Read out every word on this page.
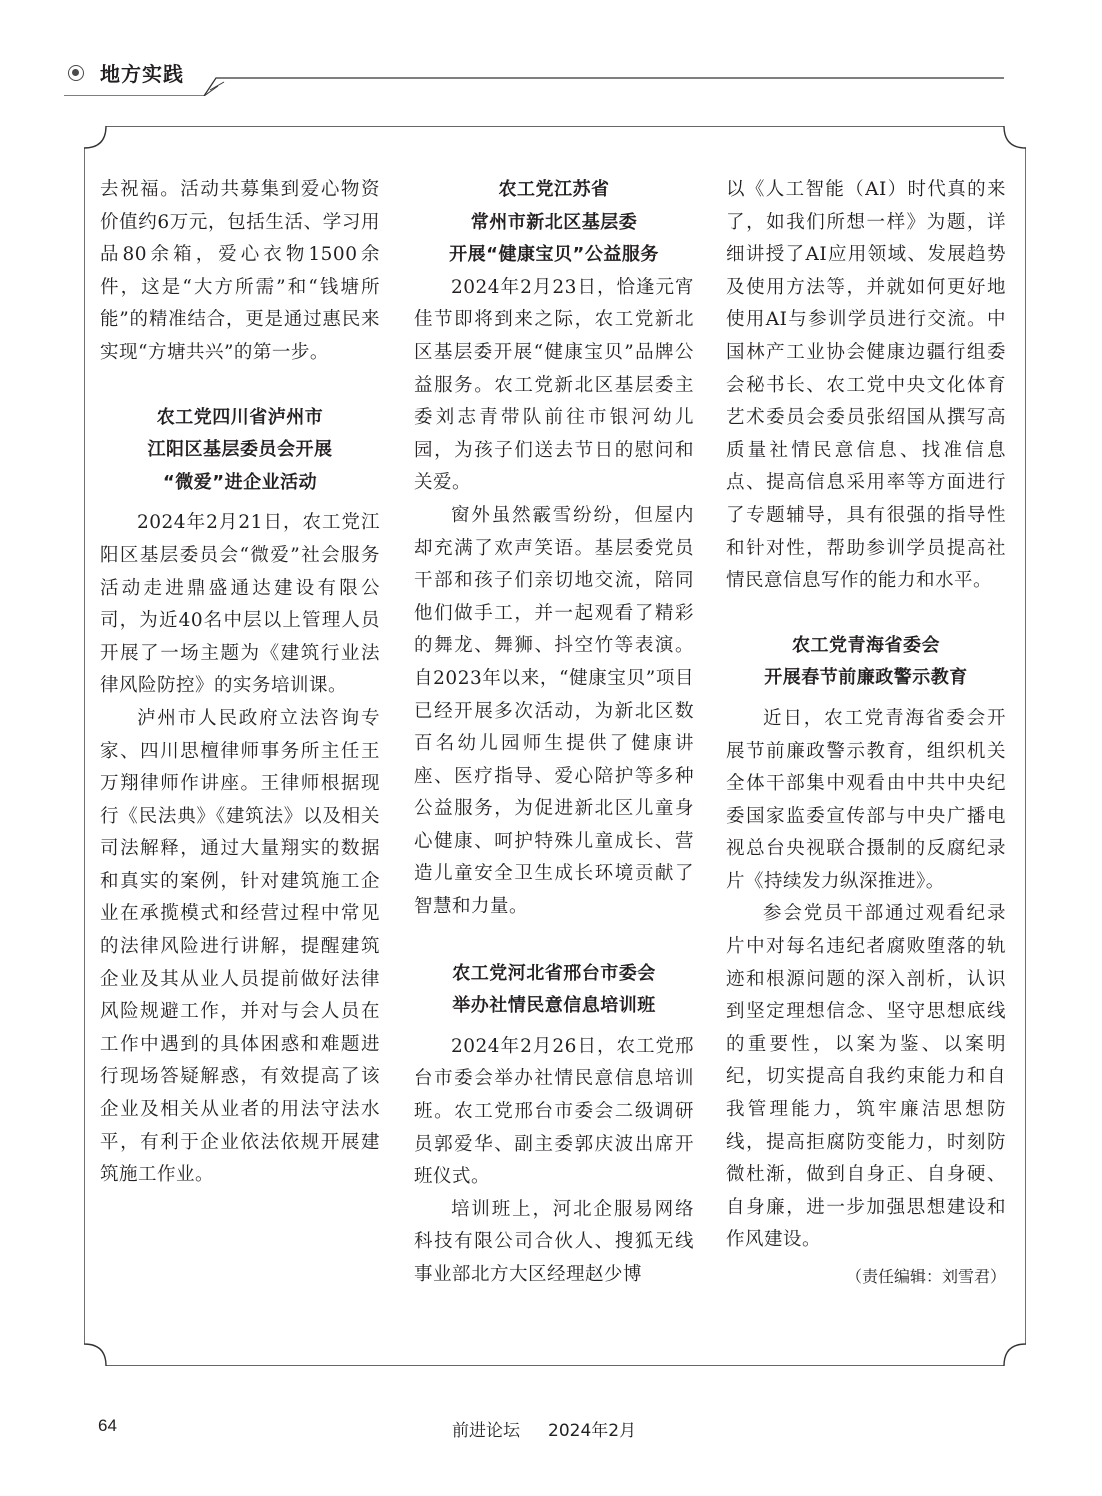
地方实践

去祝福。活动共募集到爱心物资价值约6万元，包括生活、学习用品80余箱，爱心衣物1500余件，这是“大方所需”和“钱塘所能”的精准结合，更是通过惠民来实现“方塘共兴”的第一步。

农工党四川省泸州市
江阳区基层委员会开展
“微爱”进企业活动

2024年2月21日，农工党江阳区基层委员会“微爱”社会服务活动走进鼎盛通达建设有限公司，为近40名中层以上管理人员开展了一场主题为《建筑行业法律风险防控》的实务培训课。

泸州市人民政府立法咨询专家、四川思檀律师事务所主任王万翔律师作讲座。王律师根据现行《民法典》《建筑法》以及相关司法解释，通过大量翔实的数据和真实的案例，针对建筑施工企业在承揽模式和经营过程中常见的法律风险进行讲解，提醒建筑企业及其从业人员提前做好法律风险规避工作，并对与会人员在工作中遇到的具体困惑和难题进行现场答疑解惑，有效提高了该企业及相关从业者的用法守法水平，有利于企业依法依规开展建筑施工作业。

农工党江苏省
常州市新北区基层委
开展“健康宝贝”公益服务

2024年2月23日，恰逢元宵佳节即将到来之际，农工党新北区基层委开展“健康宝贝”品牌公益服务。农工党新北区基层委主委刘志青带队前往市银河幼儿园，为孩子们送去节日的慰问和关爱。

窗外虽然霰雪纷纷，但屋内却充满了欢声笑语。基层委党员干部和孩子们亲切地交流，陪同他们做手工，并一起观看了精彩的舞龙、舞狮、抖空竹等表演。自2023年以来，“健康宝贝”项目已经开展多次活动，为新北区数百名幼儿园师生提供了健康讲座、医疗指导、爱心陪护等多种公益服务，为促进新北区儿童身心健康、呵护特殊儿童成长、营造儿童安全卫生成长环境贡献了智慧和力量。

农工党河北省邢台市委会
举办社情民意信息培训班

2024年2月26日，农工党邢台市委会举办社情民意信息培训班。农工党邢台市委会二级调研员郭爱华、副主委郭庆波出席开班仪式。

培训班上，河北企服易网络科技有限公司合伙人、搜狐无线事业部北方大区经理赵少博

以《人工智能（AI）时代真的来了，如我们所想一样》为题，详细讲授了AI应用领域、发展趋势及使用方法等，并就如何更好地使用AI与参训学员进行交流。中国林产工业协会健康边疆行组委会秘书长、农工党中央文化体育艺术委员会委员张绍国从撰写高质量社情民意信息、找准信息点、提高信息采用率等方面进行了专题辅导，具有很强的指导性和针对性，帮助参训学员提高社情民意信息写作的能力和水平。

农工党青海省委会
开展春节前廉政警示教育

近日，农工党青海省委会开展节前廉政警示教育，组织机关全体干部集中观看由中共中央纪委国家监委宣传部与中央广播电视总台央视联合摄制的反腐纪录片《持续发力纵深推进》。

参会党员干部通过观看纪录片中对每名违纪者腐败堕落的轨迹和根源问题的深入剖析，认识到坚定理想信念、坚守思想底线的重要性，以案为鉴、以案明纪，切实提高自我约束能力和自我管理能力，筑牢廉洁思想防线，提高拒腐防变能力，时刻防微杜渐，做到自身正、自身硬、自身廉，进一步加强思想建设和作风建设。

（责任编辑：刘雪君）

64	前进论坛 2024年2月
